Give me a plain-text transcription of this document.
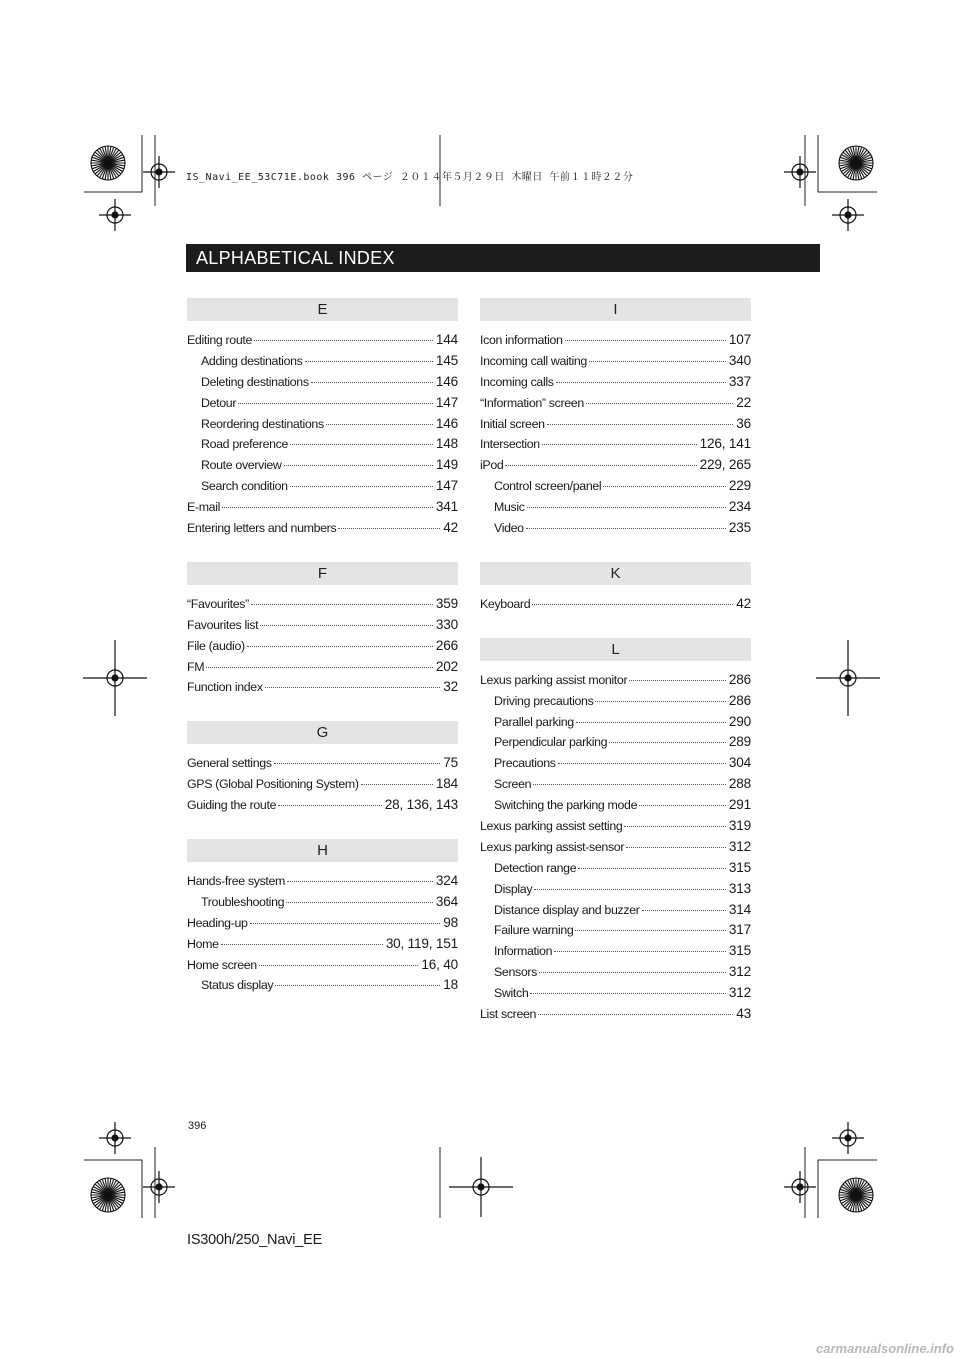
IS_Navi_EE_53C71E.book 396 ページ ２０１４年５月２９日 木曜日 午前１１時２２分
ALPHABETICAL INDEX
E
Editing route	144
Adding destinations	145
Deleting destinations	146
Detour	147
Reordering destinations	146
Road preference	148
Route overview	149
Search condition	147
E-mail	341
Entering letters and numbers	42
F
“Favourites”	359
Favourites list	330
File (audio)	266
FM	202
Function index	32
G
General settings	75
GPS (Global Positioning System)	184
Guiding the route	28, 136, 143
H
Hands-free system	324
Troubleshooting	364
Heading-up	98
Home	30, 119, 151
Home screen	16, 40
Status display	18
I
Icon information	107
Incoming call waiting	340
Incoming calls	337
“Information” screen	22
Initial screen	36
Intersection	126, 141
iPod	229, 265
Control screen/panel	229
Music	234
Video	235
K
Keyboard	42
L
Lexus parking assist monitor	286
Driving precautions	286
Parallel parking	290
Perpendicular parking	289
Precautions	304
Screen	288
Switching the parking mode	291
Lexus parking assist setting	319
Lexus parking assist-sensor	312
Detection range	315
Display	313
Distance display and buzzer	314
Failure warning	317
Information	315
Sensors	312
Switch	312
List screen	43
396
IS300h/250_Navi_EE
carmanualsonline.info
